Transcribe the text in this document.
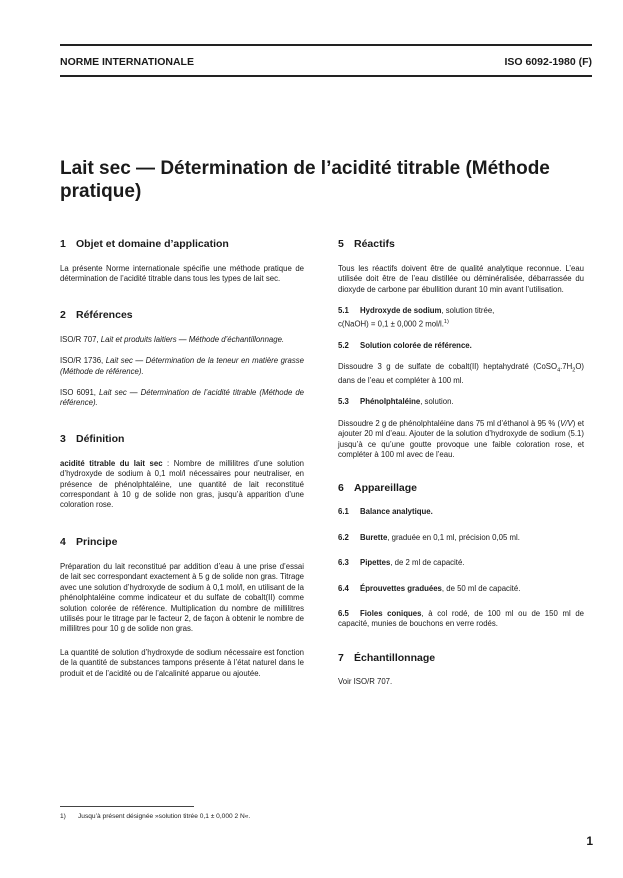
NORME INTERNATIONALE	ISO 6092-1980 (F)
Lait sec — Détermination de l’acidité titrable (Méthode pratique)
1 Objet et domaine d’application

La présente Norme internationale spécifie une méthode pratique de détermination de l’acidité titrable dans tous les types de lait sec.

2 Références

ISO/R 707, Lait et produits laitiers — Méthode d’échantillonnage.

ISO/R 1736, Lait sec — Détermination de la teneur en matière grasse (Méthode de référence).

ISO 6091, Lait sec — Détermination de l’acidité titrable (Méthode de référence).

3 Définition

acidité titrable du lait sec : Nombre de millilitres d’une solution d’hydroxyde de sodium à 0,1 mol/l nécessaires pour neutraliser, en présence de phénolphtaléine, une quantité de lait reconstitué correspondant à 10 g de solide non gras, jusqu’à apparition d’une coloration rose.

4 Principe

Préparation du lait reconstitué par addition d’eau à une prise d’essai de lait sec correspondant exactement à 5 g de solide non gras. Titrage avec une solution d’hydroxyde de sodium à 0,1 mol/l, en utilisant de la phénolphtaléine comme indicateur et du sulfate de cobalt(II) comme solution colorée de référence. Multiplication du nombre de millilitres utilisés pour le titrage par le facteur 2, de façon à obtenir le nombre de millilitres pour 10 g de solide non gras.

La quantité de solution d’hydroxyde de sodium nécessaire est fonction de la quantité de substances tampons présente à l’état naturel dans le produit et de l’acidité ou de l’alcalinité apparue ou ajoutée.

5 Réactifs

Tous les réactifs doivent être de qualité analytique reconnue. L’eau utilisée doit être de l’eau distillée ou déminéralisée, débarrassée du dioxyde de carbone par ébullition durant 10 min avant l’utilisation.

5.1 Hydroxyde de sodium, solution titrée,
c(NaOH) = 0,1 ± 0,000 2 mol/l.$^{1)}$

5.2 Solution colorée de référence.

Dissoudre 3 g de sulfate de cobalt(II) heptahydraté $(CoSO_4.7H_2O)$ dans de l’eau et compléter à 100 ml.

5.3 Phénolphtaléine, solution.

Dissoudre 2 g de phénolphtaléine dans 75 ml d’éthanol à 95 % (V/V) et ajouter 20 ml d’eau. Ajouter de la solution d’hydroxyde de sodium (5.1) jusqu’à ce qu’une goutte provoque une faible coloration rose, et compléter à 100 ml avec de l’eau.

6 Appareillage

6.1 Balance analytique.

6.2 Burette, graduée en 0,1 ml, précision 0,05 ml.

6.3 Pipettes, de 2 ml de capacité.

6.4 Éprouvettes graduées, de 50 ml de capacité.

6.5 Fioles coniques, à col rodé, de 100 ml ou de 150 ml de capacité, munies de bouchons en verre rodés.

7 Échantillonnage

Voir ISO/R 707.

1) Jusqu’à présent désignée »solution titrée 0,1 ± 0,000 2 N«.
1
